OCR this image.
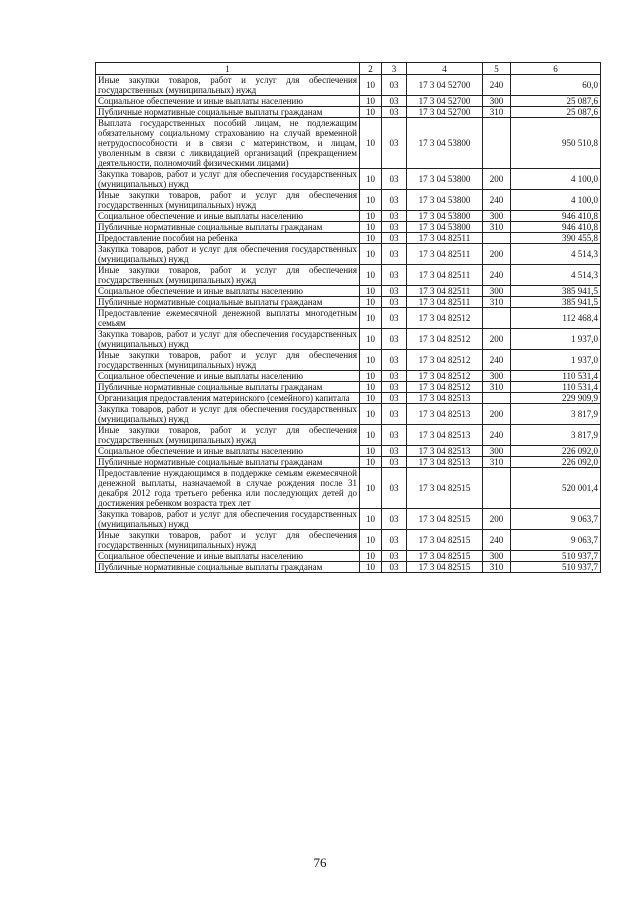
1	2	3	4	5	6
Иные закупки товаров, работ и услуг для обеспечения государственных (муниципальных) нужд	10	03	17 3 04 52700	240	60,0
Социальное обеспечение и иные выплаты населению	10	03	17 3 04 52700	300	25 087,6
Публичные нормативные социальные выплаты гражданам	10	03	17 3 04 52700	310	25 087,6
Выплата государственных пособий лицам, не подлежащим обязательному социальному страхованию на случай временной нетрудоспособности и в связи с материнством, и лицам, уволенным в связи с ликвидацией организаций (прекращением деятельности, полномочий физическими лицами)	10	03	17 3 04 53800		950 510,8
Закупка товаров, работ и услуг для обеспечения государственных (муниципальных) нужд	10	03	17 3 04 53800	200	4 100,0
Иные закупки товаров, работ и услуг для обеспечения государственных (муниципальных) нужд	10	03	17 3 04 53800	240	4 100,0
Социальное обеспечение и иные выплаты населению	10	03	17 3 04 53800	300	946 410,8
Публичные нормативные социальные выплаты гражданам	10	03	17 3 04 53800	310	946 410,8
Предоставление пособия на ребенка	10	03	17 3 04 82511		390 455,8
Закупка товаров, работ и услуг для обеспечения государственных (муниципальных) нужд	10	03	17 3 04 82511	200	4 514,3
Иные закупки товаров, работ и услуг для обеспечения государственных (муниципальных) нужд	10	03	17 3 04 82511	240	4 514,3
Социальное обеспечение и иные выплаты населению	10	03	17 3 04 82511	300	385 941,5
Публичные нормативные социальные выплаты гражданам	10	03	17 3 04 82511	310	385 941,5
Предоставление ежемесячной денежной выплаты многодетным семьям	10	03	17 3 04 82512		112 468,4
Закупка товаров, работ и услуг для обеспечения государственных (муниципальных) нужд	10	03	17 3 04 82512	200	1 937,0
Иные закупки товаров, работ и услуг для обеспечения государственных (муниципальных) нужд	10	03	17 3 04 82512	240	1 937,0
Социальное обеспечение и иные выплаты населению	10	03	17 3 04 82512	300	110 531,4
Публичные нормативные социальные выплаты гражданам	10	03	17 3 04 82512	310	110 531,4
Организация предоставления материнского (семейного) капитала	10	03	17 3 04 82513		229 909,9
Закупка товаров, работ и услуг для обеспечения государственных (муниципальных) нужд	10	03	17 3 04 82513	200	3 817,9
Иные закупки товаров, работ и услуг для обеспечения государственных (муниципальных) нужд	10	03	17 3 04 82513	240	3 817,9
Социальное обеспечение и иные выплаты населению	10	03	17 3 04 82513	300	226 092,0
Публичные нормативные социальные выплаты гражданам	10	03	17 3 04 82513	310	226 092,0
Предоставление нуждающимся в поддержке семьям ежемесячной денежной выплаты, назначаемой в случае рождения после 31 декабря 2012 года третьего ребенка или последующих детей до достижения ребенком возраста трех лет	10	03	17 3 04 82515		520 001,4
Закупка товаров, работ и услуг для обеспечения государственных (муниципальных) нужд	10	03	17 3 04 82515	200	9 063,7
Иные закупки товаров, работ и услуг для обеспечения государственных (муниципальных) нужд	10	03	17 3 04 82515	240	9 063,7
Социальное обеспечение и иные выплаты населению	10	03	17 3 04 82515	300	510 937,7
Публичные нормативные социальные выплаты гражданам	10	03	17 3 04 82515	310	510 937,7
76
